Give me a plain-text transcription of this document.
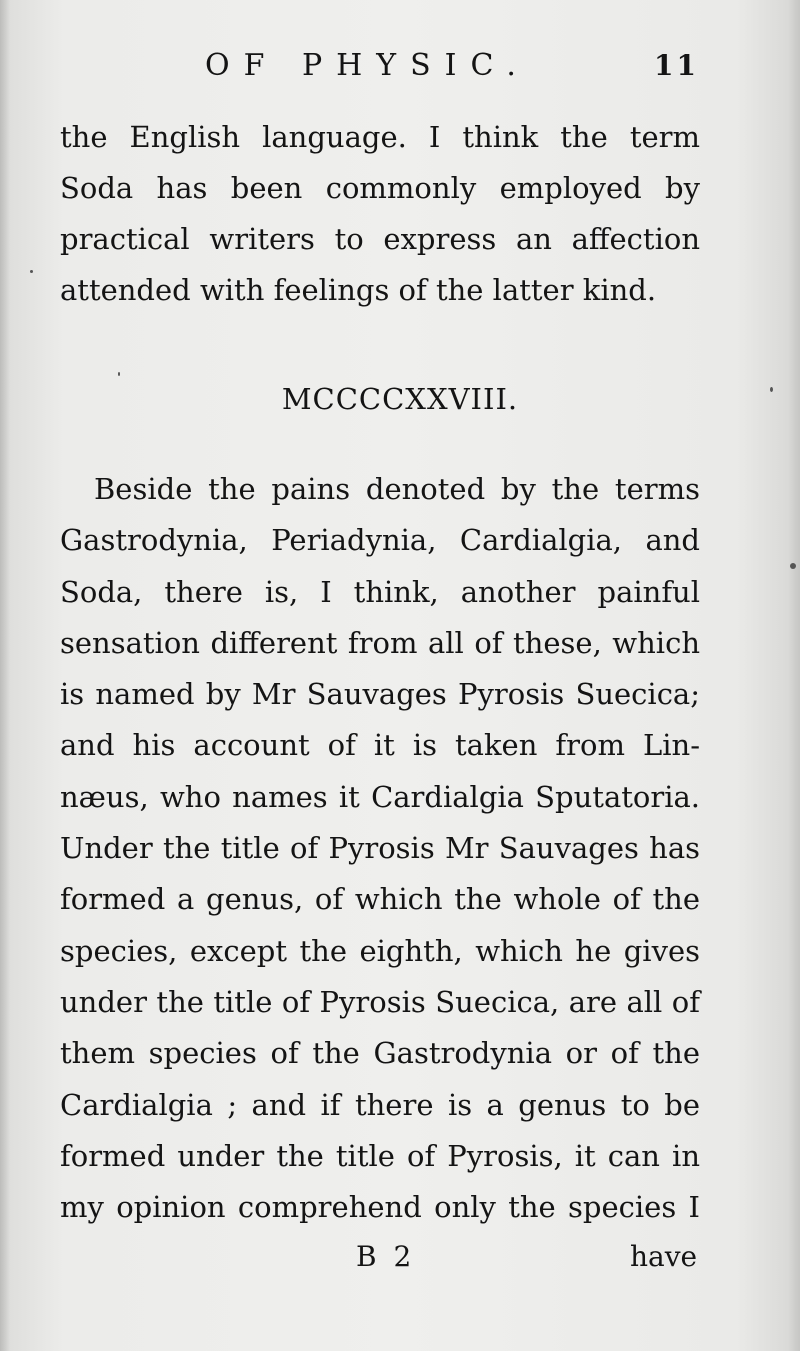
OF PHYSIC.	11
the English language. I think the term
Soda has been commonly employed by
practical writers to express an affection
attended with feelings of the latter kind.
MCCCCXXVIII.
Beside the pains denoted by the terms
Gastrodynia, Periadynia, Cardialgia, and
Soda, there is, I think, another painful
sensation different from all of these, which
is named by Mr Sauvages Pyrosis Suecica;
and his account of it is taken from Lin-
næus, who names it Cardialgia Sputatoria.
Under the title of Pyrosis Mr Sauvages has
formed a genus, of which the whole of the
species, except the eighth, which he gives
under the title of Pyrosis Suecica, are all of
them species of the Gastrodynia or of the
Cardialgia ; and if there is a genus to be
formed under the title of Pyrosis, it can in
my opinion comprehend only the species I
B 2	have
